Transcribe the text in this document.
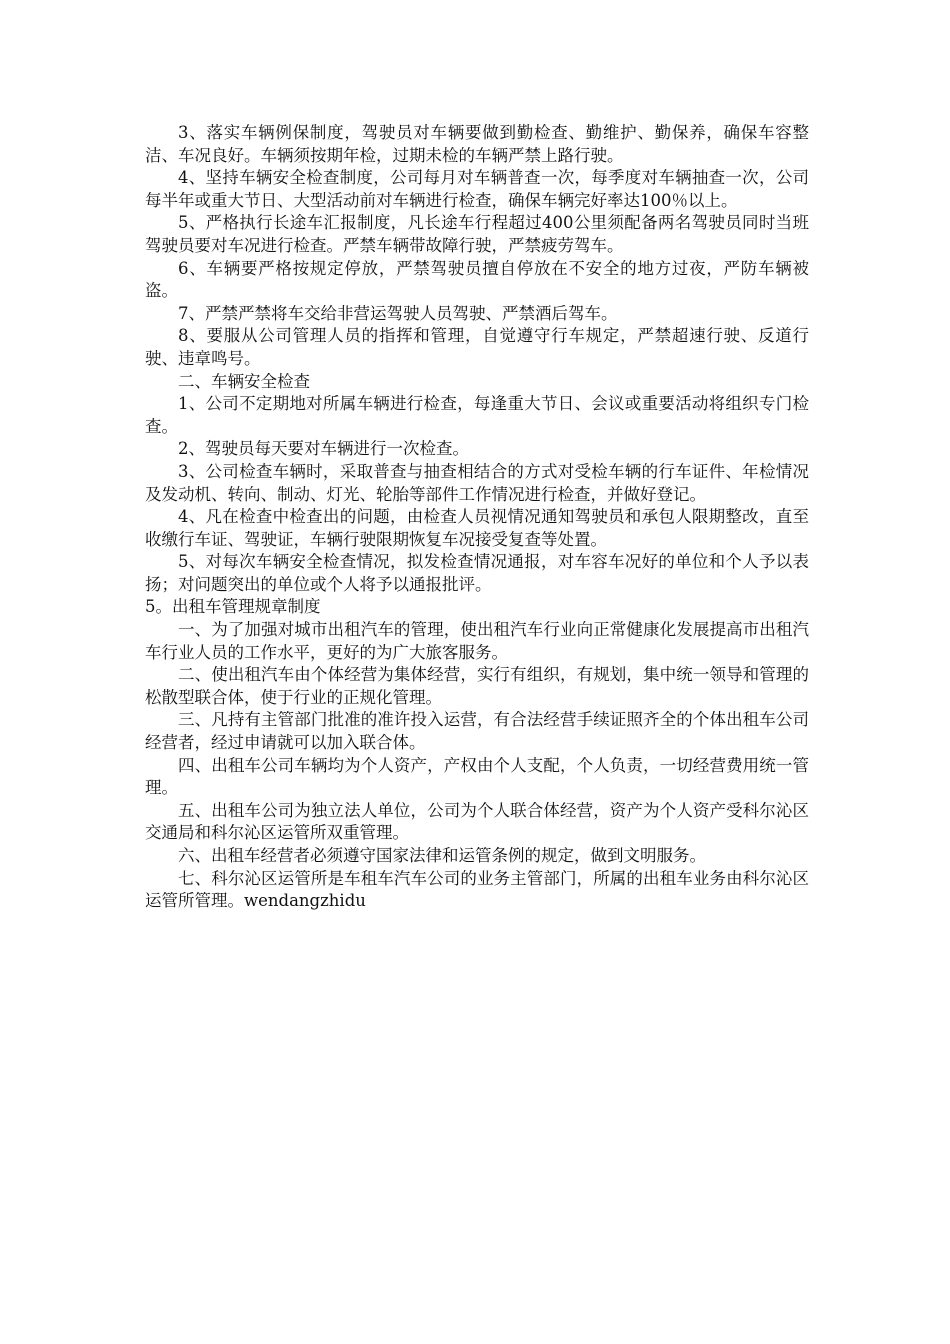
3、落实车辆例保制度，驾驶员对车辆要做到勤检查、勤维护、勤保养，确保车容整洁、车况良好。车辆须按期年检，过期未检的车辆严禁上路行驶。

4、坚持车辆安全检查制度，公司每月对车辆普查一次，每季度对车辆抽查一次，公司每半年或重大节日、大型活动前对车辆进行检查，确保车辆完好率达100％以上。

5、严格执行长途车汇报制度，凡长途车行程超过400公里须配备两名驾驶员同时当班驾驶员要对车况进行检查。严禁车辆带故障行驶，严禁疲劳驾车。

6、车辆要严格按规定停放，严禁驾驶员擅自停放在不安全的地方过夜，严防车辆被盗。

7、严禁严禁将车交给非营运驾驶人员驾驶、严禁酒后驾车。

8、要服从公司管理人员的指挥和管理，自觉遵守行车规定，严禁超速行驶、反道行驶、违章鸣号。

二、车辆安全检查

1、公司不定期地对所属车辆进行检查，每逢重大节日、会议或重要活动将组织专门检查。

2、驾驶员每天要对车辆进行一次检查。

3、公司检查车辆时，采取普查与抽查相结合的方式对受检车辆的行车证件、年检情况及发动机、转向、制动、灯光、轮胎等部件工作情况进行检查，并做好登记。

4、凡在检查中检查出的问题，由检查人员视情况通知驾驶员和承包人限期整改，直至收缴行车证、驾驶证，车辆行驶限期恢复车况接受复查等处置。

5、对每次车辆安全检查情况，拟发检查情况通报，对车容车况好的单位和个人予以表扬；对问题突出的单位或个人将予以通报批评。

5。出租车管理规章制度

一、为了加强对城市出租汽车的管理，使出租汽车行业向正常健康化发展提高市出租汽车行业人员的工作水平，更好的为广大旅客服务。

二、使出租汽车由个体经营为集体经营，实行有组织，有规划，集中统一领导和管理的松散型联合体，使于行业的正规化管理。

三、凡持有主管部门批准的准许投入运营，有合法经营手续证照齐全的个体出租车公司经营者，经过申请就可以加入联合体。

四、出租车公司车辆均为个人资产，产权由个人支配，个人负责，一切经营费用统一管理。

五、出租车公司为独立法人单位，公司为个人联合体经营，资产为个人资产受科尔沁区交通局和科尔沁区运管所双重管理。

六、出租车经营者必须遵守国家法律和运管条例的规定，做到文明服务。

七、科尔沁区运管所是车租车汽车公司的业务主管部门，所属的出租车业务由科尔沁区运管所管理。wendangzhidu
